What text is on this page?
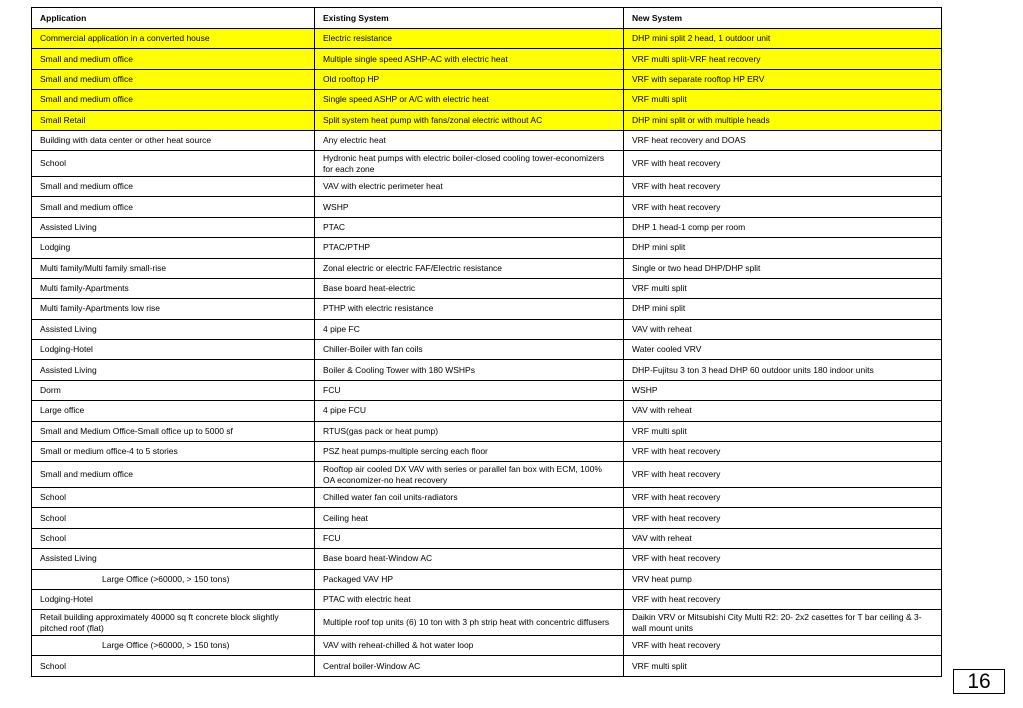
Application	Existing System	New System
Commercial application in a converted house	Electric resistance	DHP mini split 2 head, 1 outdoor unit
Small and medium office	Multiple single speed ASHP-AC with electric heat	VRF multi split-VRF heat recovery
Small and medium office	Old rooftop HP	VRF with separate rooftop HP ERV
Small and medium office	Single speed ASHP or A/C with electric heat	VRF multi split
Small Retail	Split system heat pump with fans/zonal electric without AC	DHP mini split or with multiple heads
Building with data center or other heat source	Any electric heat	VRF heat recovery and DOAS
School	Hydronic heat pumps with electric boiler-closed cooling tower-economizers for each zone	VRF with heat recovery
Small and medium office	VAV with electric perimeter heat	VRF with heat recovery
Small and medium office	WSHP	VRF with heat recovery
Assisted Living	PTAC	DHP 1 head-1 comp per room
Lodging	PTAC/PTHP	DHP mini split
Multi family/Multi family small-rise	Zonal electric or electric FAF/Electric resistance	Single or two head DHP/DHP split
Multi family-Apartments	Base board heat-electric	VRF multi split
Multi family-Apartments low rise	PTHP with electric resistance	DHP mini split
Assisted Living	4 pipe FC	VAV with reheat
Lodging-Hotel	Chiller-Boiler with fan coils	Water cooled VRV
Assisted Living	Boiler & Cooling Tower with 180 WSHPs	DHP-Fujitsu 3 ton 3 head DHP 60 outdoor units 180 indoor units
Dorm	FCU	WSHP
Large office	4 pipe FCU	VAV with reheat
Small and Medium Office-Small office up to 5000 sf	RTUS(gas pack or heat pump)	VRF multi split
Small or medium office-4 to 5 stories	PSZ heat pumps-multiple sercing each floor	VRF with heat recovery
Small and medium office	Rooftop air cooled DX VAV with series or parallel fan box with ECM, 100% OA economizer-no heat recovery	VRF with heat recovery
School	Chilled water fan coil units-radiators	VRF with heat recovery
School	Ceiling heat	VRF with heat recovery
School	FCU	VAV with reheat
Assisted Living	Base board heat-Window AC	VRF with heat recovery
Large Office (>60000, > 150 tons)	Packaged VAV HP	VRV heat pump
Lodging-Hotel	PTAC with electric heat	VRF with heat recovery
Retail building approximately 40000 sq ft concrete block slightly pitched roof (flat)	Multiple roof top units (6) 10 ton with 3 ph strip heat with concentric diffusers	Daikin VRV or Mitsubishi City Multi R2: 20- 2x2 casettes for T bar ceiling & 3-wall mount units
Large Office (>60000, > 150 tons)	VAV with reheat-chilled & hot water loop	VRF with heat recovery
School	Central boiler-Window AC	VRF multi split
16
